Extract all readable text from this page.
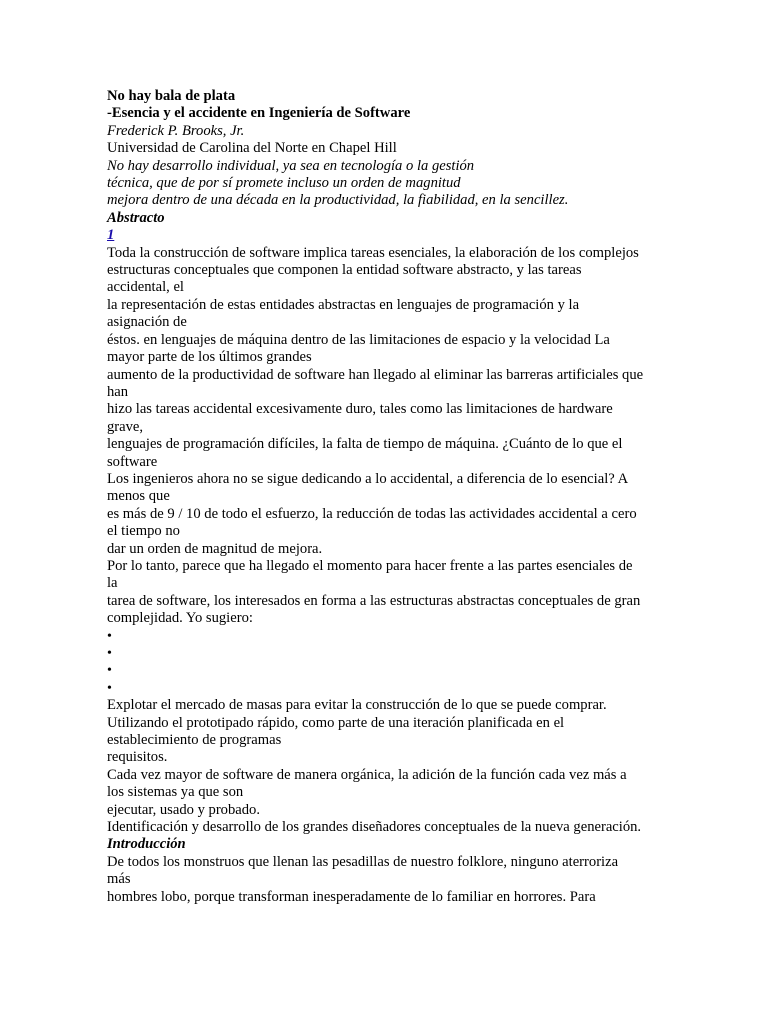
No hay bala de plata
-Esencia y el accidente en Ingeniería de Software
Frederick P. Brooks, Jr.
Universidad de Carolina del Norte en Chapel Hill
No hay desarrollo individual, ya sea en tecnología o la gestión
técnica, que de por sí promete incluso un orden de magnitud
mejora dentro de una década en la productividad, la fiabilidad, en la sencillez.
Abstracto
1
Toda la construcción de software implica tareas esenciales, la elaboración de los complejos
estructuras conceptuales que componen la entidad software abstracto, y las tareas
accidental, el
la representación de estas entidades abstractas en lenguajes de programación y la
asignación de
éstos. en lenguajes de máquina dentro de las limitaciones de espacio y la velocidad La
mayor parte de los últimos grandes
aumento de la productividad de software han llegado al eliminar las barreras artificiales que
han
hizo las tareas accidental excesivamente duro, tales como las limitaciones de hardware
grave,
lenguajes de programación difíciles, la falta de tiempo de máquina. ¿Cuánto de lo que el
software
Los ingenieros ahora no se sigue dedicando a lo accidental, a diferencia de lo esencial? A
menos que
es más de 9 / 10 de todo el esfuerzo, la reducción de todas las actividades accidental a cero
el tiempo no
dar un orden de magnitud de mejora.
Por lo tanto, parece que ha llegado el momento para hacer frente a las partes esenciales de
la
tarea de software, los interesados en forma a las estructuras abstractas conceptuales de gran
complejidad. Yo sugiero:
•
•
•
•
Explotar el mercado de masas para evitar la construcción de lo que se puede comprar.
Utilizando el prototipado rápido, como parte de una iteración planificada en el
establecimiento de programas
requisitos.
Cada vez mayor de software de manera orgánica, la adición de la función cada vez más a
los sistemas ya que son
ejecutar, usado y probado.
Identificación y desarrollo de los grandes diseñadores conceptuales de la nueva generación.
Introducción
De todos los monstruos que llenan las pesadillas de nuestro folklore, ninguno aterroriza
más
hombres lobo, porque transforman inesperadamente de lo familiar en horrores. Para
